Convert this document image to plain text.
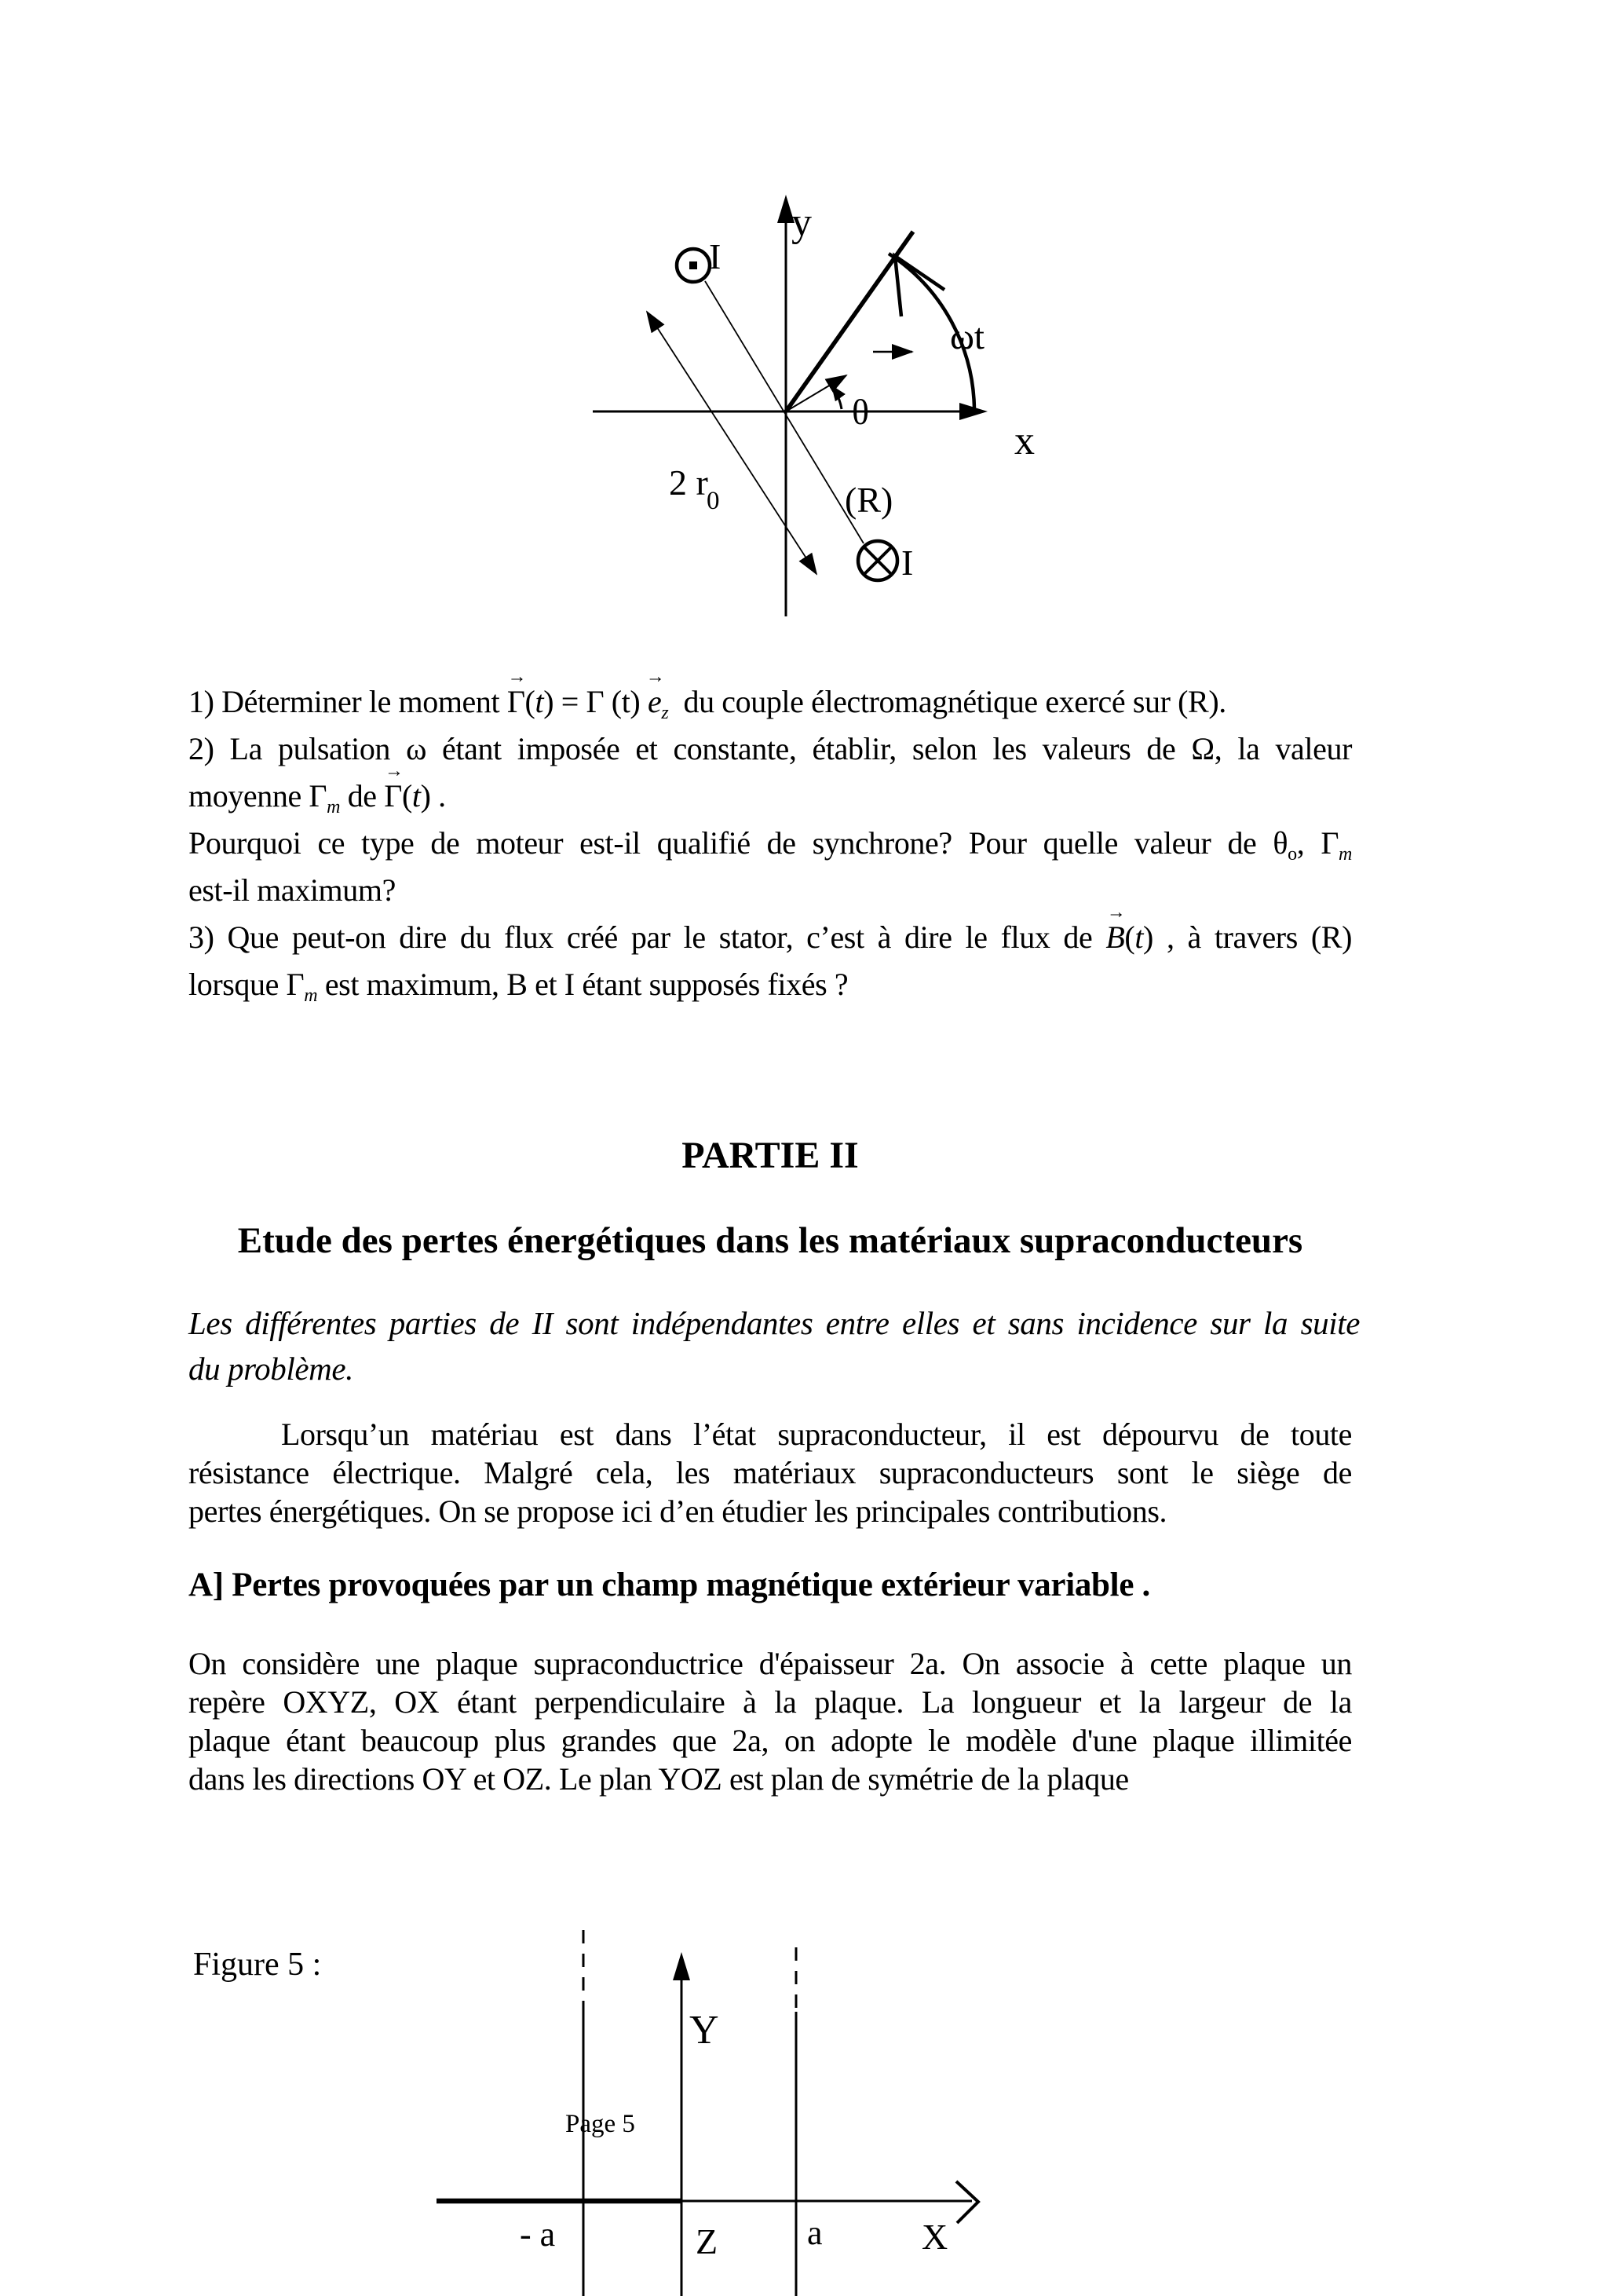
y
x
ωt
θ
I
I
(R)
2 r
0
1) Déterminer le moment Γ
→
(t) = Γ (t) e
→
$_z$  du couple électromagnétique exercé sur (R).
2) La pulsation ω étant imposée et constante, établir, selon les valeurs de Ω, la valeur
moyenne $\Gamma_m$ de Γ
→
(t) .
Pourquoi ce type de moteur est-il qualifié de synchrone? Pour quelle valeur de $\theta_o$, $\Gamma_m$
est-il maximum?
3) Que peut-on dire du flux créé par le stator, c’est à dire le flux de B
→
(t) , à travers (R)
lorsque $\Gamma_m$ est maximum, B et I étant supposés fixés ?
PARTIE II
Etude des pertes énergétiques dans les matériaux supraconducteurs
Les différentes parties de II sont indépendantes entre elles et sans incidence sur la suite
du problème.
Lorsqu’un matériau est dans l’état supraconducteur, il est dépourvu de toute
résistance électrique. Malgré cela, les matériaux supraconducteurs sont le siège de
pertes énergétiques. On se propose ici d’en étudier les principales contributions.
A] Pertes provoquées par un champ magnétique extérieur variable .
On considère une plaque supraconductrice d'épaisseur 2a. On associe à cette plaque un
repère OXYZ, OX étant perpendiculaire à la plaque. La longueur et la largeur de la
plaque étant beaucoup plus grandes que 2a, on adopte le modèle d'une plaque illimitée
dans les directions OY et OZ. Le plan YOZ est plan de symétrie de la plaque
Figure 5 :
Y
X
Z
- a	a
Page 5
